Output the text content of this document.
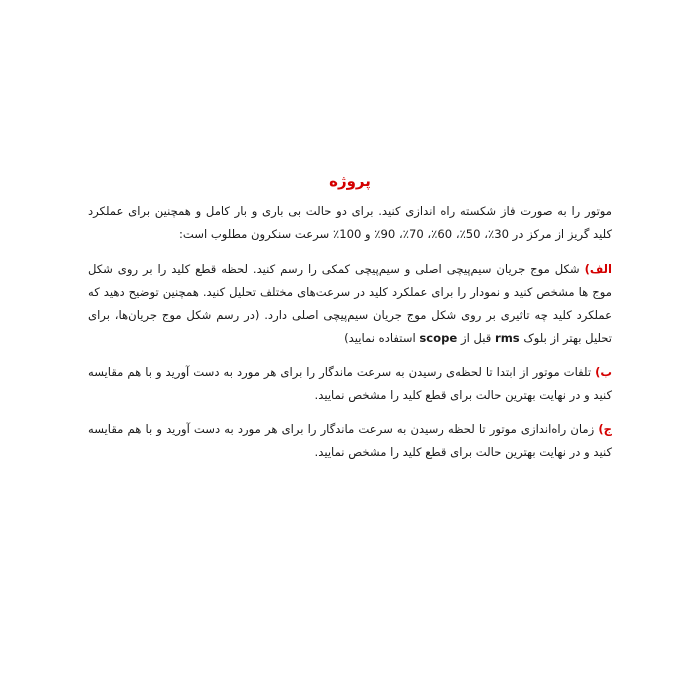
پروژه

موتور را به صورت فاز شکسته راه اندازی کنید. برای دو حالت بی باری و بار کامل و همچنین برای عملکرد کلید گریز از مرکز در 30٪، 50٪، 60٪، 70٪، 90٪ و 100٪ سرعت سنکرون مطلوب است:

الف) شکل موج جریان سیم‌پیچی اصلی و سیم‌پیچی کمکی را رسم کنید. لحظه قطع کلید را بر روی شکل موج ها مشخص کنید و نمودار را برای عملکرد کلید در سرعت‌های مختلف تحلیل کنید. همچنین توضیح دهید که عملکرد کلید چه تاثیری بر روی شکل موج جریان سیم‌پیچی اصلی دارد. (در رسم شکل موج جریان‌ها، برای تحلیل بهتر از بلوک rms قبل از scope استفاده نمایید)

ب) تلفات موتور از ابتدا تا لحظه‌ی رسیدن به سرعت ماندگار را برای هر مورد به دست آورید و با هم مقایسه کنید و در نهایت بهترین حالت برای قطع کلید را مشخص نمایید.

ج) زمان راه‌اندازی موتور تا لحظه رسیدن به سرعت ماندگار را برای هر مورد به دست آورید و با هم مقایسه کنید و در نهایت بهترین حالت برای قطع کلید را مشخص نمایید.
